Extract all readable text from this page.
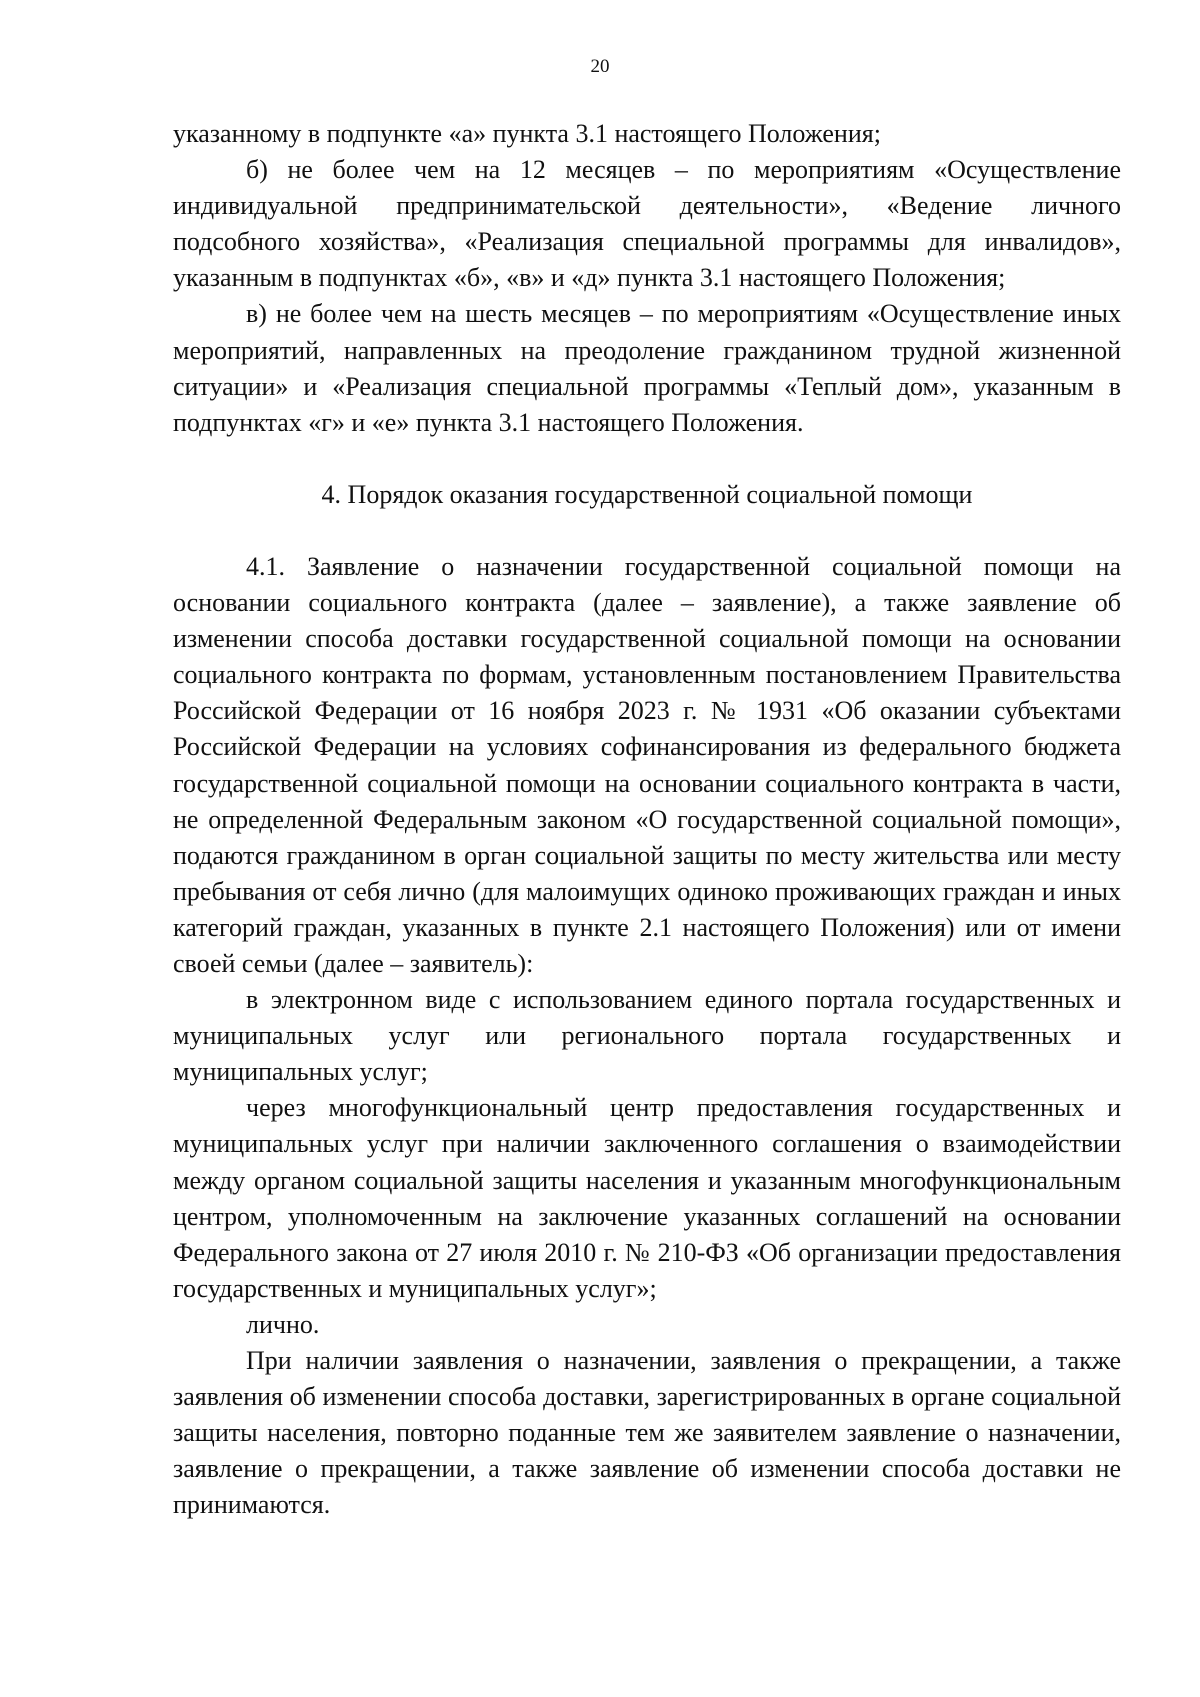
20

указанному в подпункте «а» пункта 3.1 настоящего Положения;

б) не более чем на 12 месяцев – по мероприятиям «Осуществление индивидуальной предпринимательской деятельности», «Ведение личного подсобного хозяйства», «Реализация специальной программы для инвалидов», указанным в подпунктах «б», «в» и «д» пункта 3.1 настоящего Положения;

в) не более чем на шесть месяцев – по мероприятиям «Осуществление иных мероприятий, направленных на преодоление гражданином трудной жизненной ситуации» и «Реализация специальной программы «Теплый дом», указанным в подпунктах «г» и «е» пункта 3.1 настоящего Положения.

4. Порядок оказания государственной социальной помощи

4.1. Заявление о назначении государственной социальной помощи на основании социального контракта (далее – заявление), а также заявление об изменении способа доставки государственной социальной помощи на основании социального контракта по формам, установленным постановлением Правительства Российской Федерации от 16 ноября 2023 г. № 1931 «Об оказании субъектами Российской Федерации на условиях софинансирования из федерального бюджета государственной социальной помощи на основании социального контракта в части, не определенной Федеральным законом «О государственной социальной помощи», подаются гражданином в орган социальной защиты по месту жительства или месту пребывания от себя лично (для малоимущих одиноко проживающих граждан и иных категорий граждан, указанных в пункте 2.1 настоящего Положения) или от имени своей семьи (далее – заявитель):

в электронном виде с использованием единого портала государственных и муниципальных услуг или регионального портала государственных и муниципальных услуг;

через многофункциональный центр предоставления государственных и муниципальных услуг при наличии заключенного соглашения о взаимодействии между органом социальной защиты населения и указанным многофункциональным центром, уполномоченным на заключение указанных соглашений на основании Федерального закона от 27 июля 2010 г. № 210-ФЗ «Об организации предоставления государственных и муниципальных услуг»;

лично.

При наличии заявления о назначении, заявления о прекращении, а также заявления об изменении способа доставки, зарегистрированных в органе социальной защиты населения, повторно поданные тем же заявителем заявление о назначении, заявление о прекращении, а также заявление об изменении способа доставки не принимаются.
